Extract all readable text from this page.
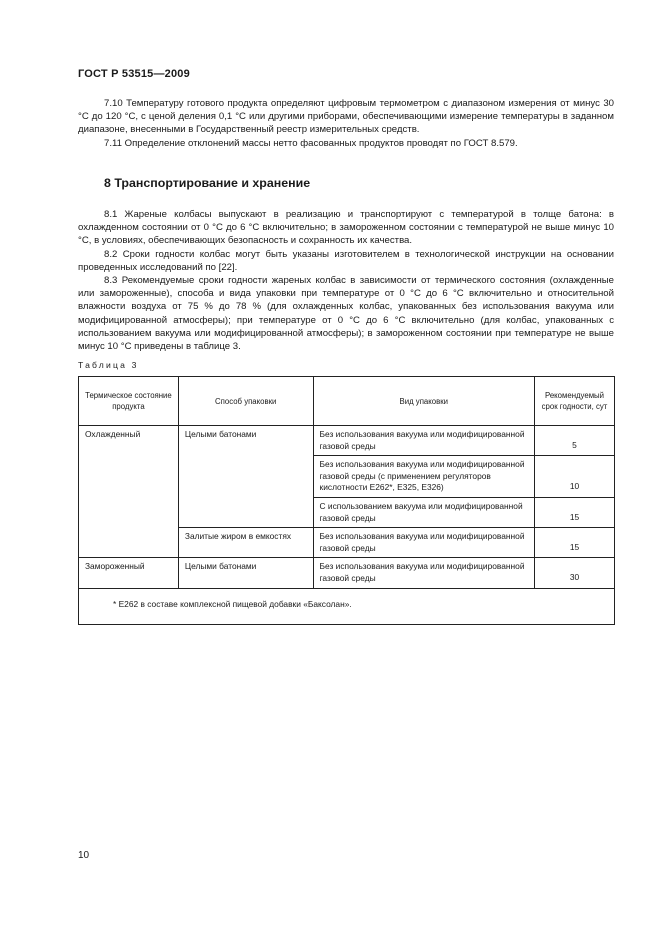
ГОСТ Р 53515—2009

7.10 Температуру готового продукта определяют цифровым термометром с диапазоном измерения от минус 30 °С до 120 °С, с ценой деления 0,1 °С или другими приборами, обеспечивающими измерение температуры в заданном диапазоне, внесенными в Государственный реестр измерительных средств.

7.11 Определение отклонений массы нетто фасованных продуктов проводят по ГОСТ 8.579.

8 Транспортирование и хранение

8.1 Жареные колбасы выпускают в реализацию и транспортируют с температурой в толще батона: в охлажденном состоянии от 0 °С до 6 °С включительно; в замороженном состоянии с температурой не выше минус 10 °С, в условиях, обеспечивающих безопасность и сохранность их качества.

8.2 Сроки годности колбас могут быть указаны изготовителем в технологической инструкции на основании проведенных исследований по [22].

8.3 Рекомендуемые сроки годности жареных колбас в зависимости от термического состояния (охлажденные или замороженные), способа и вида упаковки при температуре от 0 °С до 6 °С включительно и относительной влажности воздуха от 75 % до 78 % (для охлажденных колбас, упакованных без использования вакуума или модифицированной атмосферы); при температуре от 0 °С до 6 °С включительно (для колбас, упакованных с использованием вакуума или модифицированной атмосферы); в замороженном состоянии при температуре не выше минус 10 °С приведены в таблице 3.

Таблица 3
Термическое состояние продукта	Способ упаковки	Вид упаковки	Рекомендуемый срок годности, сут
Охлажденный	Целыми батонами	Без использования вакуума или модифицированной газовой среды	5
		Без использования вакуума или модифицированной газовой среды (с применением регуляторов кислотности Е262*, Е325, Е326)	10
		С использованием вакуума или модифицированной газовой среды	15
	Залитые жиром в емкостях	Без использования вакуума или модифицированной газовой среды	15
Замороженный	Целыми батонами	Без использования вакуума или модифицированной газовой среды	30
* Е262 в составе комплексной пищевой добавки «Баксолан».			
10
